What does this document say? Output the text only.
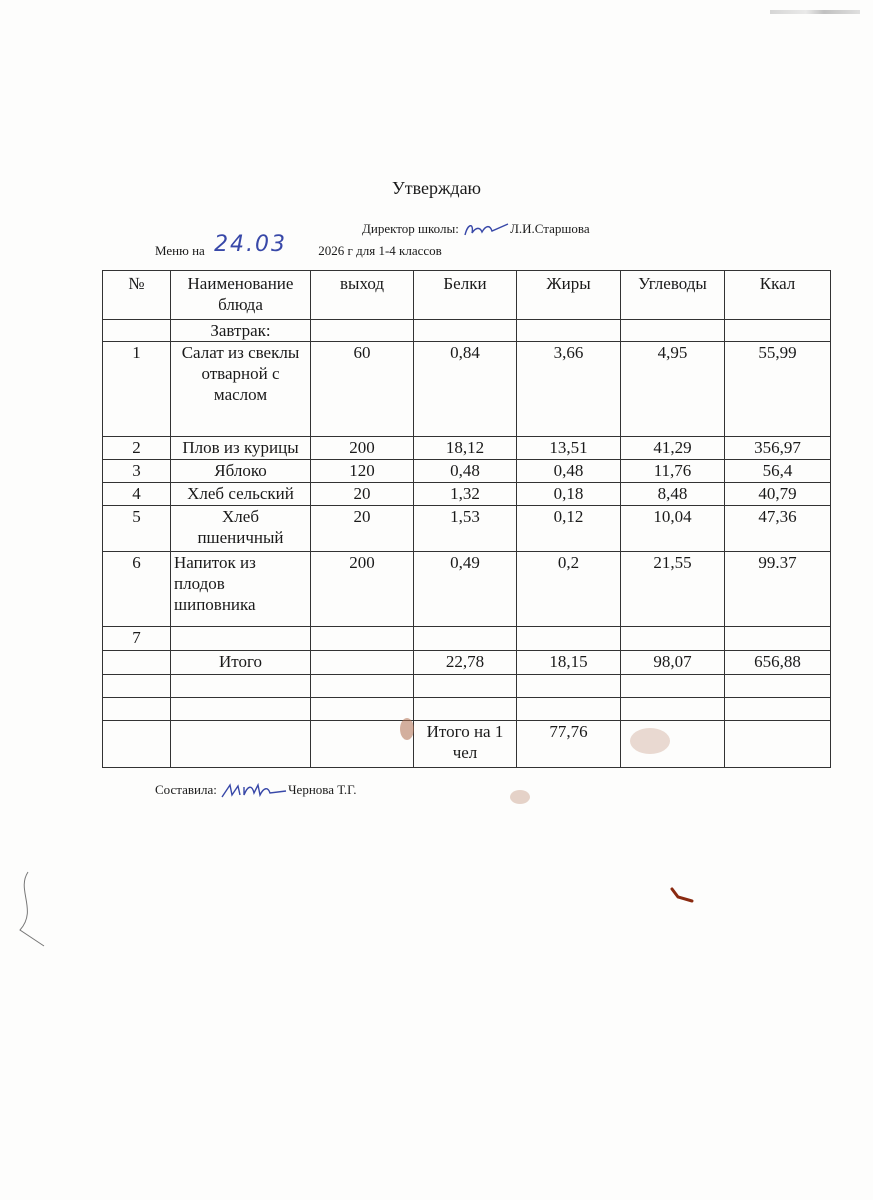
Утверждаю
Директор школы:	Л.И.Старшова
Меню на 24.03 2026 г для 1-4 классов
№	Наименование блюда	выход	Белки	Жиры	Углеводы	Ккал
	Завтрак:					
1	Салат из свеклы отварной с маслом	60	0,84	3,66	4,95	55,99
2	Плов из курицы	200	18,12	13,51	41,29	356,97
3	Яблоко	120	0,48	0,48	11,76	56,4
4	Хлеб сельский	20	1,32	0,18	8,48	40,79
5	Хлеб пшеничный	20	1,53	0,12	10,04	47,36
6	Напиток из плодов шиповника	200	0,49	0,2	21,55	99.37
7						
	Итого		22,78	18,15	98,07	656,88

			Итого на 1 чел	77,76		
Составила:	Чернова Т.Г.
